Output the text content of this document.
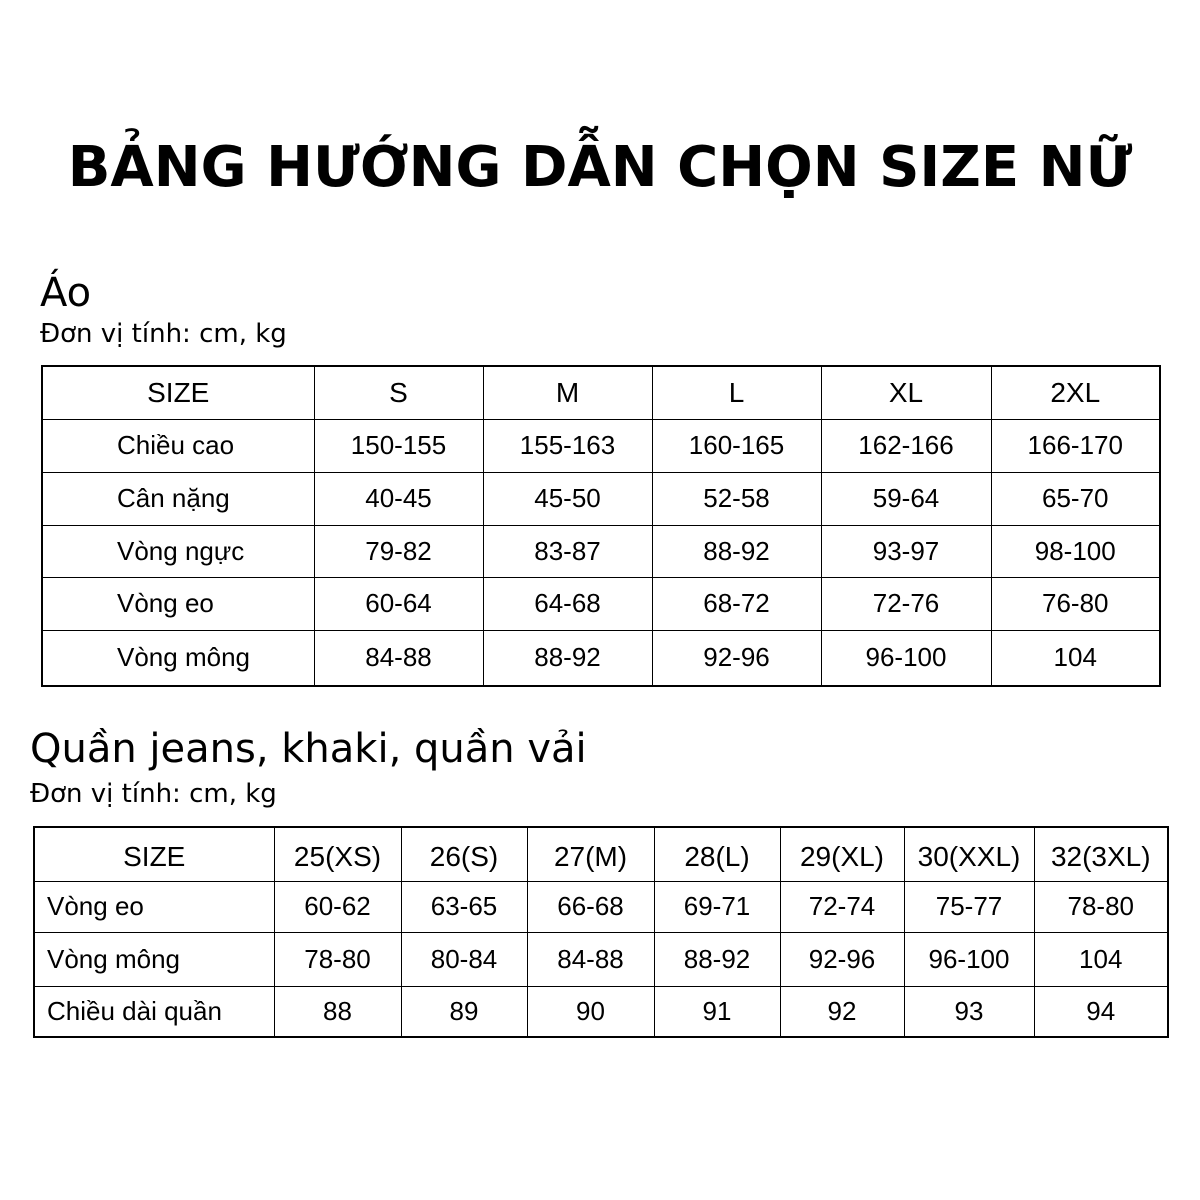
BẢNG HƯỚNG DẪN CHỌN SIZE NỮ
Áo
Đơn vị tính: cm, kg
SIZE	S	M	L	XL	2XL
Chiều cao	150-155	155-163	160-165	162-166	166-170
Cân nặng	40-45	45-50	52-58	59-64	65-70
Vòng ngực	79-82	83-87	88-92	93-97	98-100
Vòng eo	60-64	64-68	68-72	72-76	76-80
Vòng mông	84-88	88-92	92-96	96-100	104
Quần jeans, khaki, quần vải
Đơn vị tính: cm, kg
SIZE	25(XS)	26(S)	27(M)	28(L)	29(XL)	30(XXL)	32(3XL)
Vòng eo	60-62	63-65	66-68	69-71	72-74	75-77	78-80
Vòng mông	78-80	80-84	84-88	88-92	92-96	96-100	104
Chiều dài quần	88	89	90	91	92	93	94
